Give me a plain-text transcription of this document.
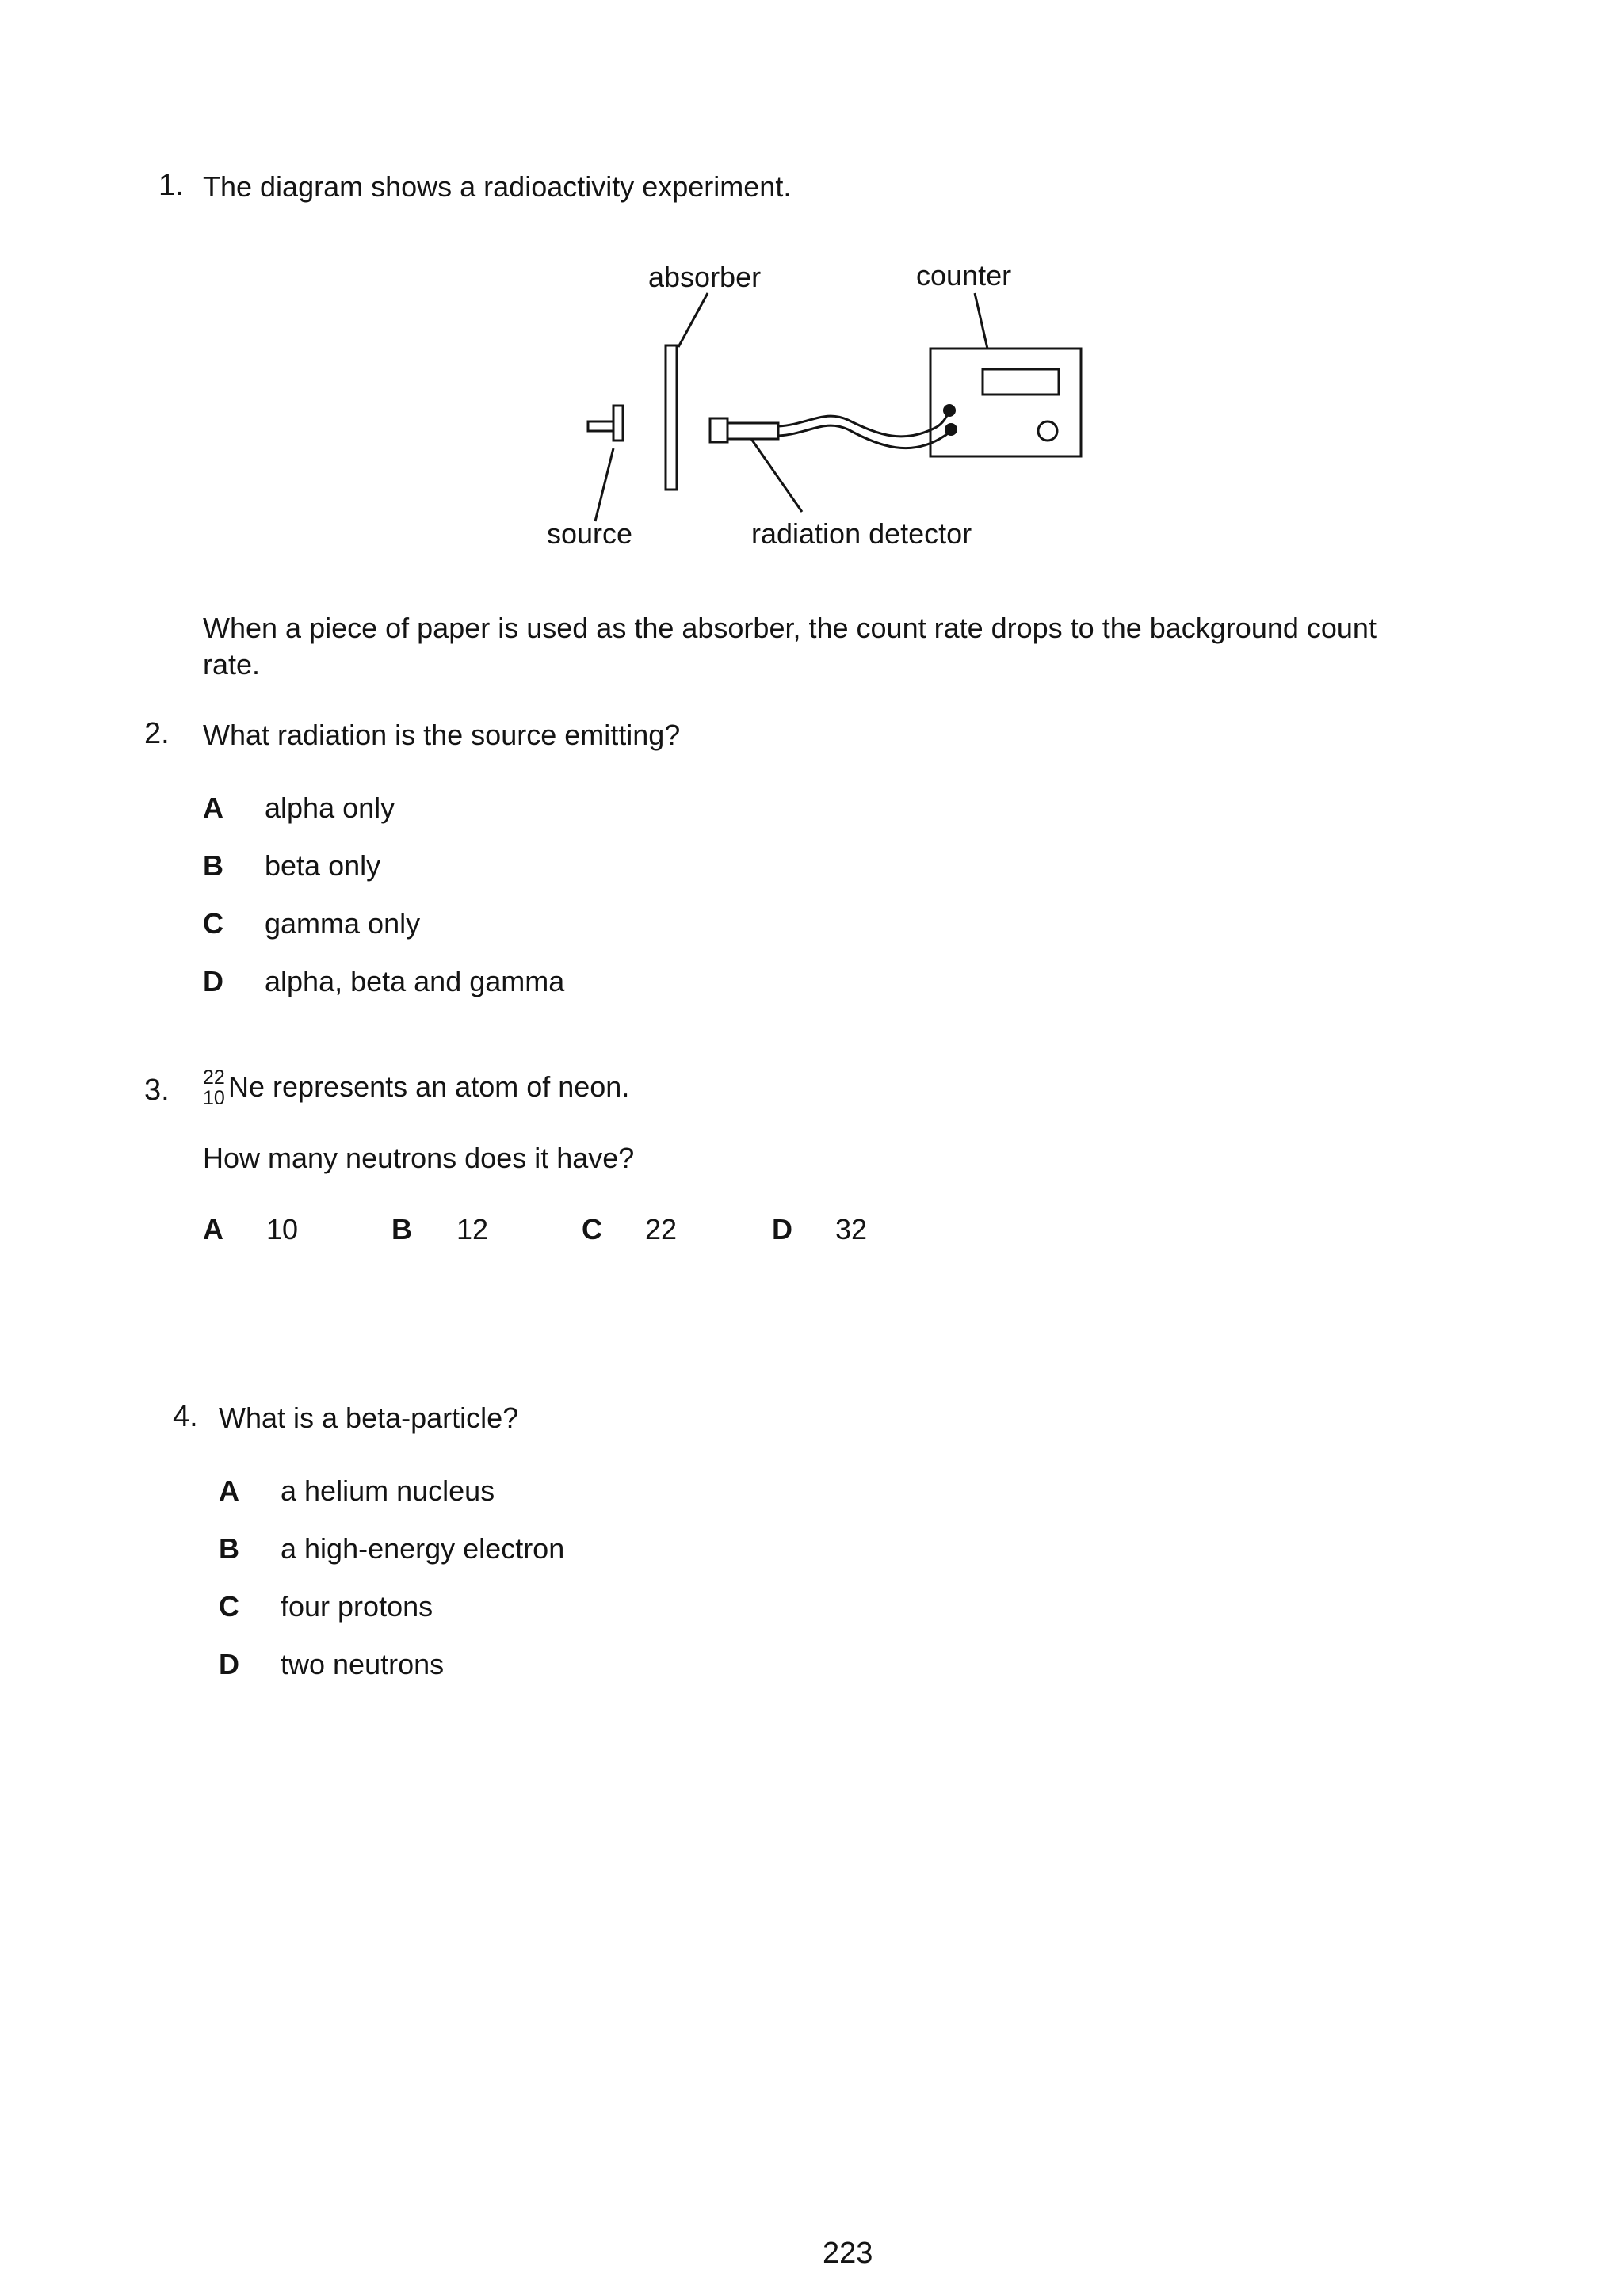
1. The diagram shows a radioactivity experiment.
absorber	counter
source	radiation detector
When a piece of paper is used as the absorber, the count rate drops to the background count
rate.
2. What radiation is the source emitting?
A alpha only
B beta only
C gamma only
D alpha, beta and gamma
3. 22
10 Ne represents an atom of neon.
How many neutrons does it have?
A 10	B 12	C 22	D 32
4. What is a beta-particle?
A a helium nucleus
B a high-energy electron
C four protons
D two neutrons
223
